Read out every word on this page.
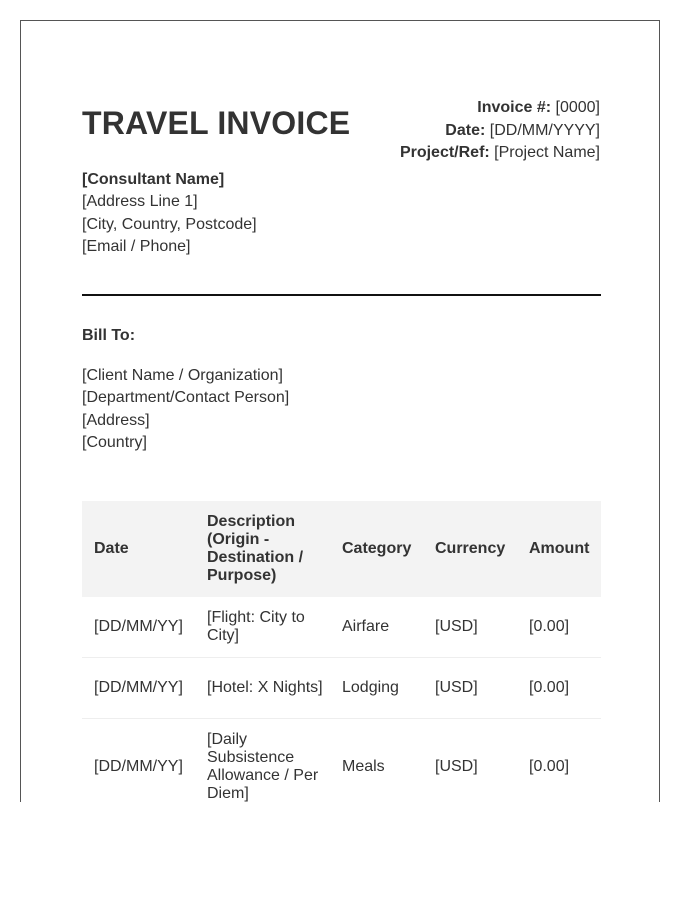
TRAVEL INVOICE	Invoice #: [0000]
Date: [DD/MM/YYYY]
Project/Ref: [Project Name]
[Consultant Name]
[Address Line 1]
[City, Country, Postcode]
[Email / Phone]
Bill To:
[Client Name / Organization]
[Department/Contact Person]
[Address]
[Country]
Date	Description (Origin - Destination / Purpose)	Category	Currency	Amount
[DD/MM/YY]	[Flight: City to City]	Airfare	[USD]	[0.00]
[DD/MM/YY]	[Hotel: X Nights]	Lodging	[USD]	[0.00]
[DD/MM/YY]	[Daily Subsistence Allowance / Per Diem]	Meals	[USD]	[0.00]
